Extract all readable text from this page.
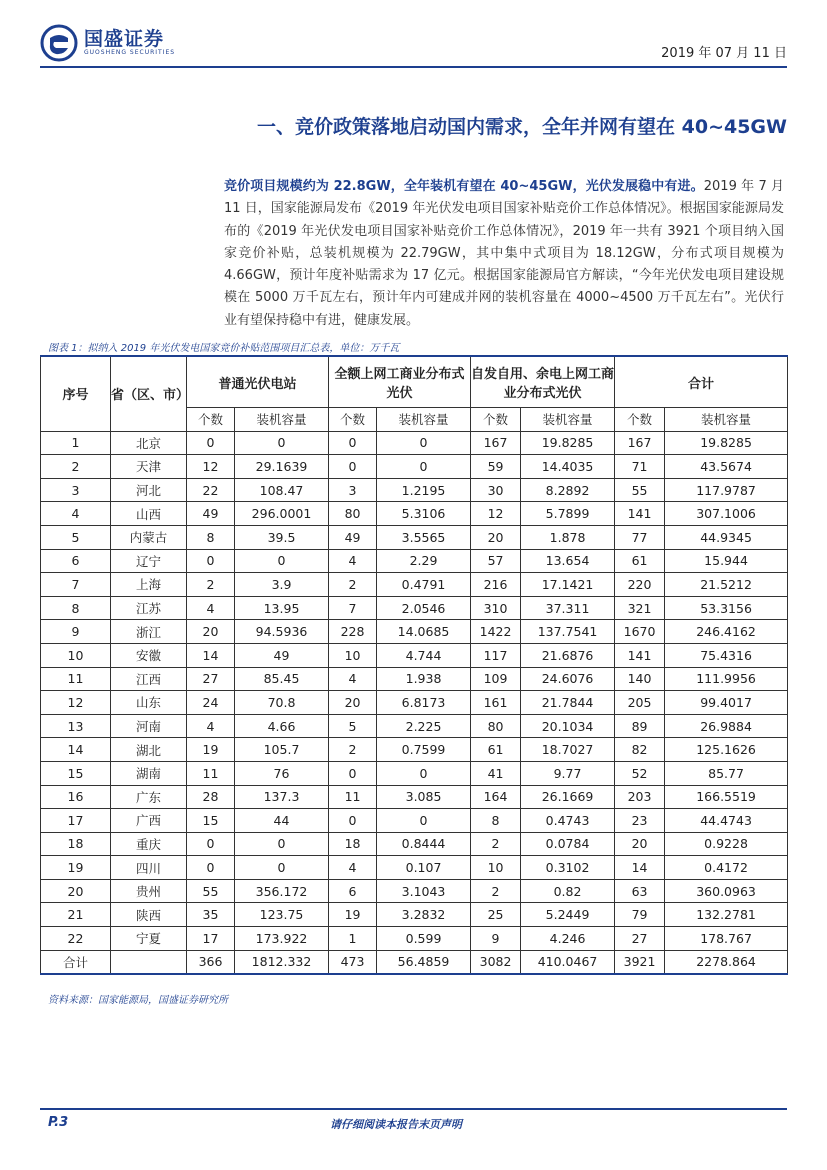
国盛证券
GUOSHENG SECURITIES	2019 年 07 月 11 日
一、竞价政策落地启动国内需求，全年并网有望在 40~45GW
竞价项目规模约为 22.8GW，全年装机有望在 40~45GW，光伏发展稳中有进。2019 年 7 月 11 日，国家能源局发布《2019 年光伏发电项目国家补贴竞价工作总体情况》。根据国家能源局发布的《2019 年光伏发电项目国家补贴竞价工作总体情况》，2019 年一共有 3921 个项目纳入国家竞价补贴，总装机规模为 22.79GW，其中集中式项目为 18.12GW，分布式项目规模为 4.66GW，预计年度补贴需求为 17 亿元。根据国家能源局官方解读，“今年光伏发电项目建设规模在 5000 万千瓦左右，预计年内可建成并网的装机容量在 4000~4500 万千瓦左右”。光伏行业有望保持稳中有进，健康发展。
图表 1：拟纳入 2019 年光伏发电国家竞价补贴范围项目汇总表，单位：万千瓦
序号	省（区、市）	普通光伏电站		全额上网工商业分布式光伏		自发自用、余电上网工商业分布式光伏		合计	
		个数	装机容量	个数	装机容量	个数	装机容量	个数	装机容量
1	北京	0	0	0	0	167	19.8285	167	19.8285
2	天津	12	29.1639	0	0	59	14.4035	71	43.5674
3	河北	22	108.47	3	1.2195	30	8.2892	55	117.9787
4	山西	49	296.0001	80	5.3106	12	5.7899	141	307.1006
5	内蒙古	8	39.5	49	3.5565	20	1.878	77	44.9345
6	辽宁	0	0	4	2.29	57	13.654	61	15.944
7	上海	2	3.9	2	0.4791	216	17.1421	220	21.5212
8	江苏	4	13.95	7	2.0546	310	37.311	321	53.3156
9	浙江	20	94.5936	228	14.0685	1422	137.7541	1670	246.4162
10	安徽	14	49	10	4.744	117	21.6876	141	75.4316
11	江西	27	85.45	4	1.938	109	24.6076	140	111.9956
12	山东	24	70.8	20	6.8173	161	21.7844	205	99.4017
13	河南	4	4.66	5	2.225	80	20.1034	89	26.9884
14	湖北	19	105.7	2	0.7599	61	18.7027	82	125.1626
15	湖南	11	76	0	0	41	9.77	52	85.77
16	广东	28	137.3	11	3.085	164	26.1669	203	166.5519
17	广西	15	44	0	0	8	0.4743	23	44.4743
18	重庆	0	0	18	0.8444	2	0.0784	20	0.9228
19	四川	0	0	4	0.107	10	0.3102	14	0.4172
20	贵州	55	356.172	6	3.1043	2	0.82	63	360.0963
21	陕西	35	123.75	19	3.2832	25	5.2449	79	132.2781
22	宁夏	17	173.922	1	0.599	9	4.246	27	178.767
合计		366	1812.332	473	56.4859	3082	410.0467	3921	2278.864
资料来源：国家能源局，国盛证券研究所
P.3	请仔细阅读本报告末页声明
